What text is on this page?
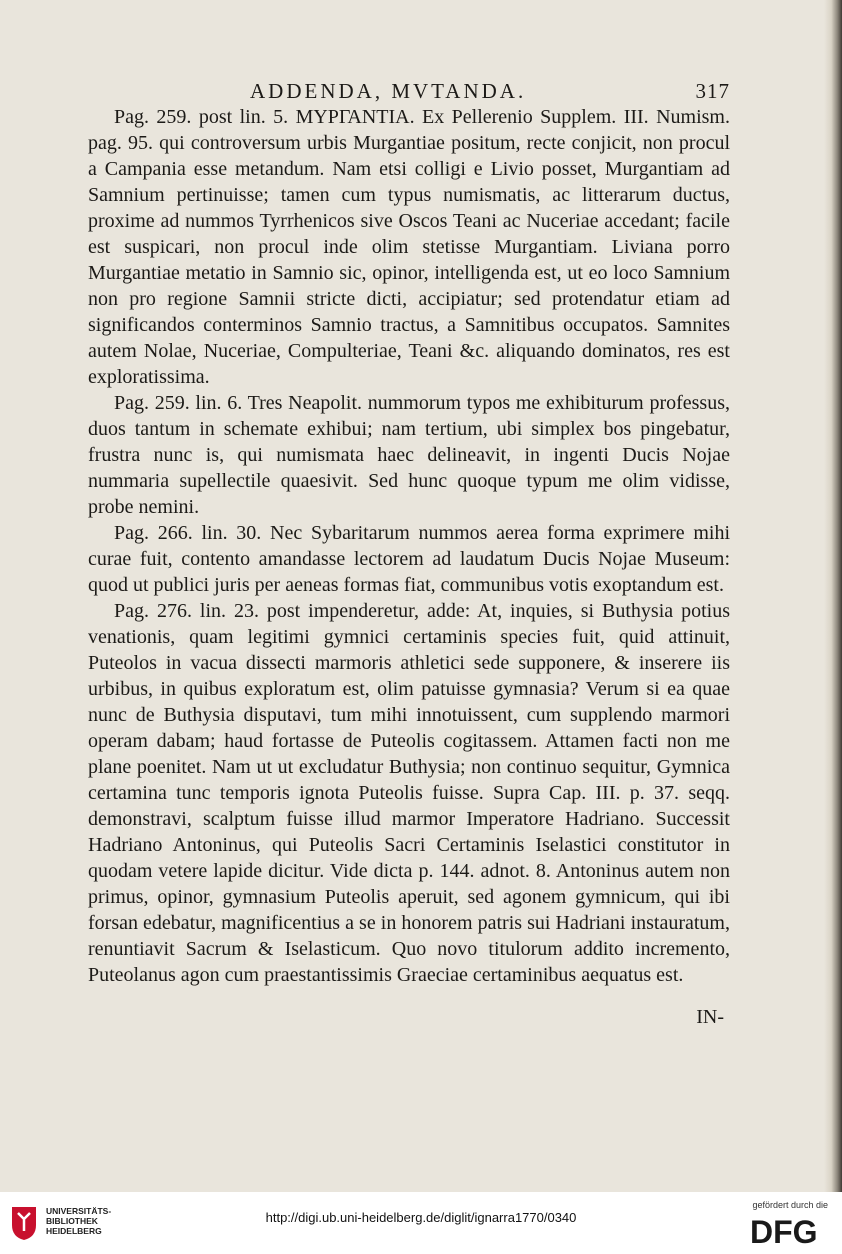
ADDENDA, MVTANDA.	317

Pag. 259. post lin. 5. ΜΥΡΓΑΝΤΙΑ. Ex Pellerenio Supplem. III. Numism. pag. 95. qui controversum urbis Murgantiae positum, recte conjicit, non procul a Campania esse metandum. Nam etsi colligi e Livio posset, Murgantiam ad Samnium pertinuisse; tamen cum typus numismatis, ac litterarum ductus, proxime ad nummos Tyrrhenicos sive Oscos Teani ac Nuceriae accedant; facile est suspicari, non procul inde olim stetisse Murgantiam. Liviana porro Murgantiae metatio in Samnio sic, opinor, intelligenda est, ut eo loco Samnium non pro regione Samnii stricte dicti, accipiatur; sed protendatur etiam ad significandos conterminos Samnio tractus, a Samnitibus occupatos. Samnites autem Nolae, Nuceriae, Compulteriae, Teani &c. aliquando dominatos, res est exploratissima.

Pag. 259. lin. 6. Tres Neapolit. nummorum typos me exhibiturum professus, duos tantum in schemate exhibui; nam tertium, ubi simplex bos pingebatur, frustra nunc is, qui numismata haec delineavit, in ingenti Ducis Nojae nummaria supellectile quaesivit. Sed hunc quoque typum me olim vidisse, probe nemini.

Pag. 266. lin. 30. Nec Sybaritarum nummos aerea forma exprimere mihi curae fuit, contento amandasse lectorem ad laudatum Ducis Nojae Museum: quod ut publici juris per aeneas formas fiat, communibus votis exoptandum est.

Pag. 276. lin. 23. post impenderetur, adde: At, inquies, si Buthysia potius venationis, quam legitimi gymnici certaminis species fuit, quid attinuit, Puteolos in vacua dissecti marmoris athletici sede supponere, & inserere iis urbibus, in quibus exploratum est, olim patuisse gymnasia? Verum si ea quae nunc de Buthysia disputavi, tum mihi innotuissent, cum supplendo marmori operam dabam; haud fortasse de Puteolis cogitassem. Attamen facti non me plane poenitet. Nam ut ut excludatur Buthysia; non continuo sequitur, Gymnica certamina tunc temporis ignota Puteolis fuisse. Supra Cap. III. p. 37. seqq. demonstravi, scalptum fuisse illud marmor Imperatore Hadriano. Successit Hadriano Antoninus, qui Puteolis Sacri Certaminis Iselastici constitutor in quodam vetere lapide dicitur. Vide dicta p. 144. adnot. 8. Antoninus autem non primus, opinor, gymnasium Puteolis aperuit, sed agonem gymnicum, qui ibi forsan edebatur, magnificentius a se in honorem patris sui Hadriani instauratum, renuntiavit Sacrum & Iselasticum. Quo novo titulorum addito incremento, Puteolanus agon cum praestantissimis Graeciae certaminibus aequatus est.

IN-
UNIVERSITÄTS-
BIBLIOTHEK
HEIDELBERG
http://digi.ub.uni-heidelberg.de/diglit/ignarra1770/0340
gefördert durch die
DFG
